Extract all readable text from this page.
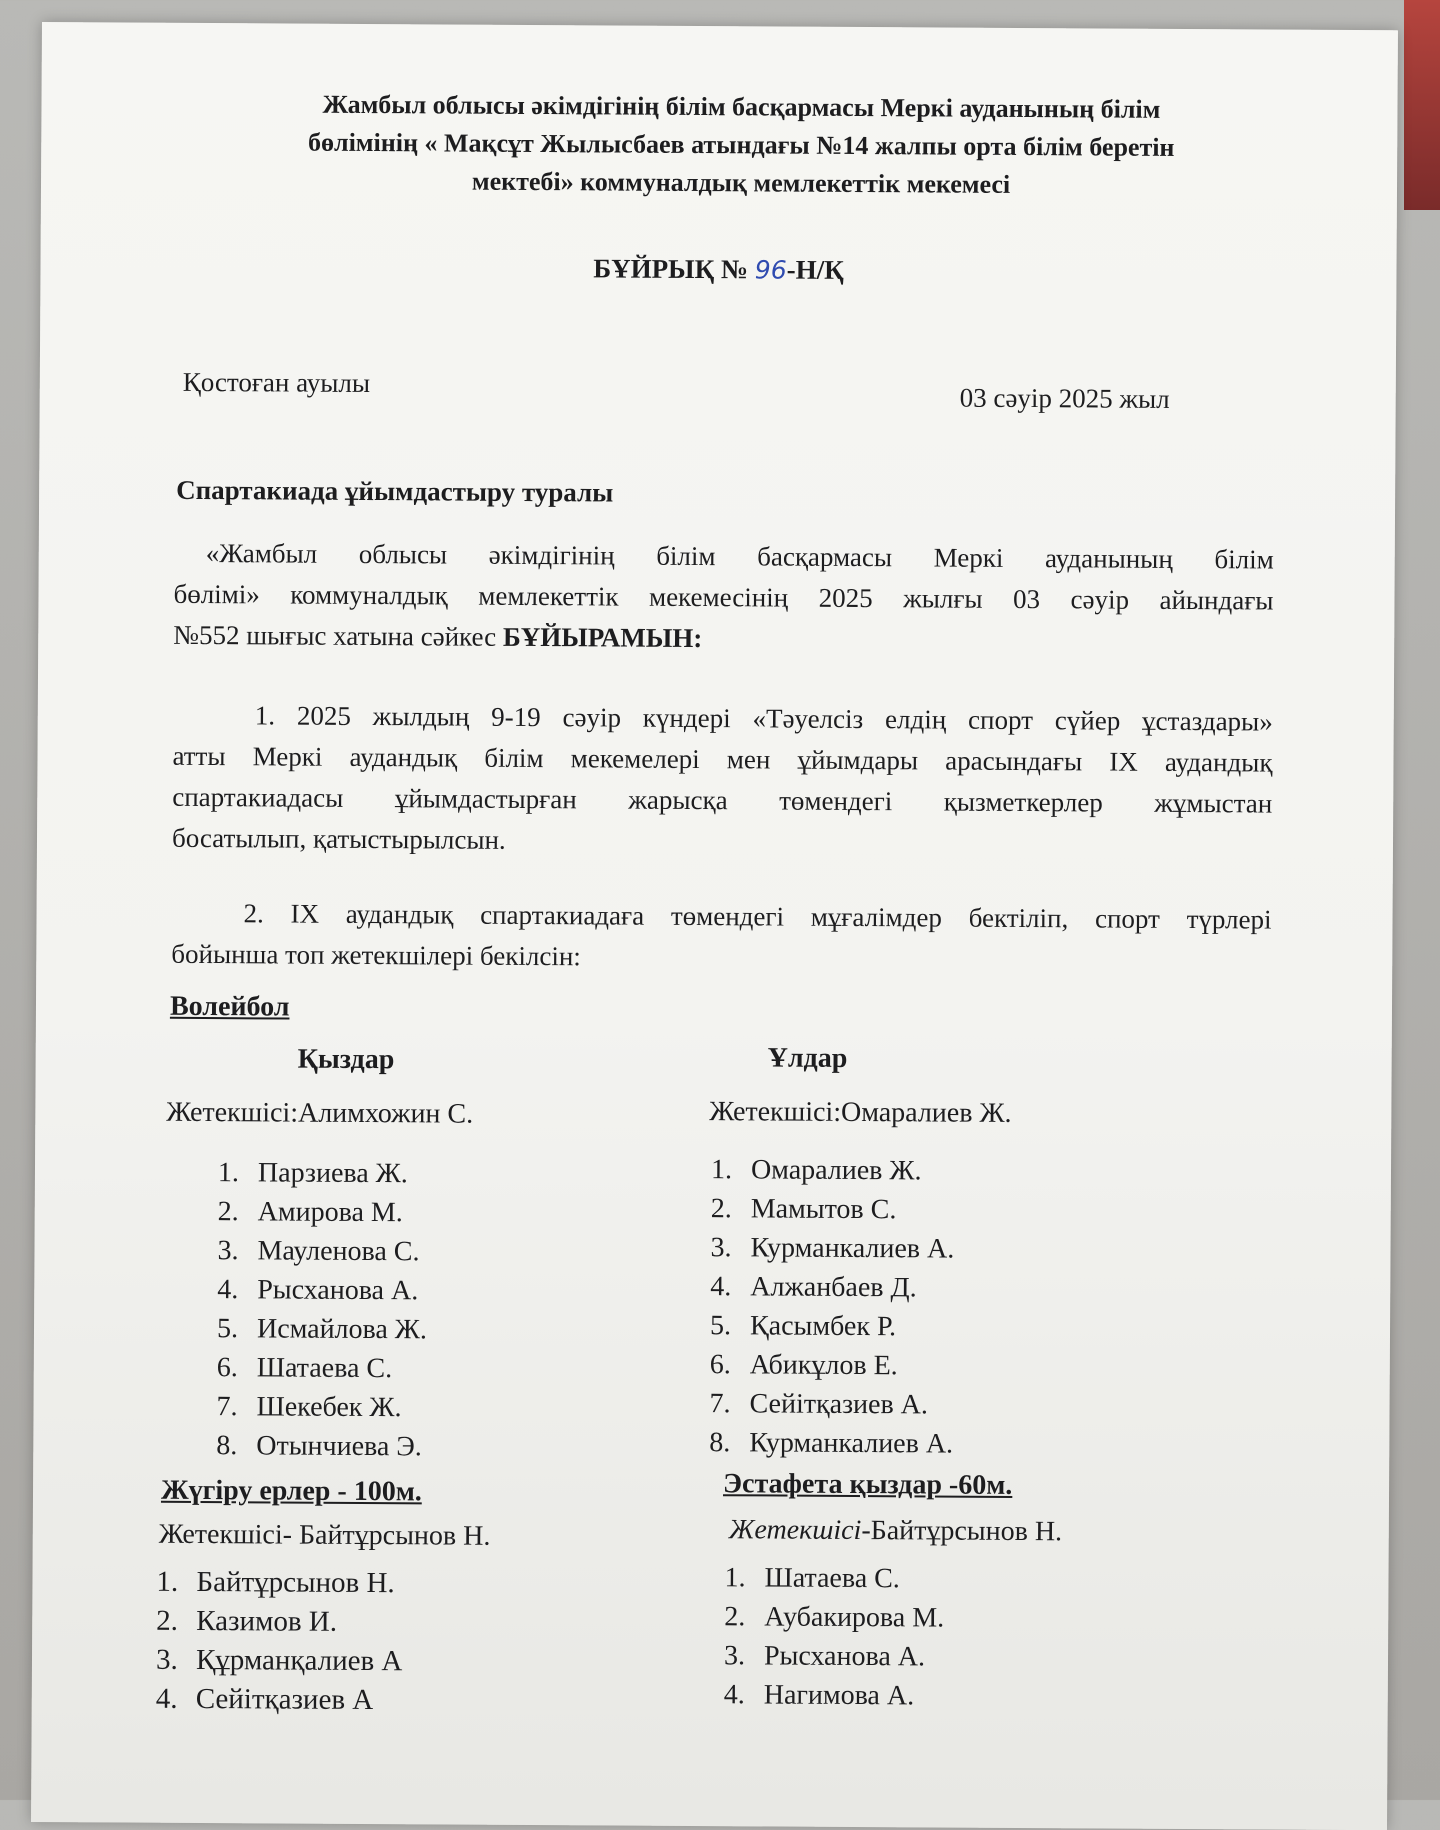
Жамбыл облысы әкімдігінің білім басқармасы Меркі ауданының білім
бөлімінің « Мақсұт Жылысбаев атындағы №14 жалпы орта білім беретін
мектебі» коммуналдық мемлекеттік мекемесі
БҰЙРЫҚ № 96-Н/Қ
Қостоған ауылы
03 сәуір 2025 жыл
Спартакиада ұйымдастыру туралы
«Жамбыл облысы әкімдігінің білім басқармасы Меркі ауданының білім
бөлімі» коммуналдық мемлекеттік мекемесінің 2025 жылғы 03 сәуір айындағы
№552 шығыс хатына сәйкес БҰЙЫРАМЫН:
1. 2025 жылдың 9-19 сәуір күндері «Тәуелсіз елдің спорт сүйер ұстаздары»
атты Меркі аудандық білім мекемелері мен ұйымдары арасындағы IX аудандық
спартакиадасы ұйымдастырған жарысқа төмендегі қызметкерлер жұмыстан
босатылып, қатыстырылсын.
2. IX аудандық спартакиадаға төмендегі мұғалімдер бектіліп, спорт түрлері
бойынша топ жетекшілері бекілсін:
Волейбол
Қыздар
Жетекшісі:Алимхожин С.
1. Парзиева Ж.
2. Амирова М.
3. Мауленова С.
4. Рысханова А.
5. Исмайлова Ж.
6. Шатаева С.
7. Шекебек Ж.
8. Отынчиева Э.
Ұлдар
Жетекшісі:Омаралиев Ж.
1. Омаралиев Ж.
2. Мамытов С.
3. Курманкалиев А.
4. Алжанбаев Д.
5. Қасымбек Р.
6. Абикұлов Е.
7. Сейітқазиев А.
8. Курманкалиев А.
Жүгіру ерлер - 100м.
Жетекшісі- Байтұрсынов Н.
1. Байтұрсынов Н.
2. Казимов И.
3. Құрманқалиев А
4. Сейітқазиев А
Эстафета қыздар -60м.
Жетекшісі-Байтұрсынов Н.
1. Шатаева С.
2. Аубакирова М.
3. Рысханова А.
4. Нагимова А.
